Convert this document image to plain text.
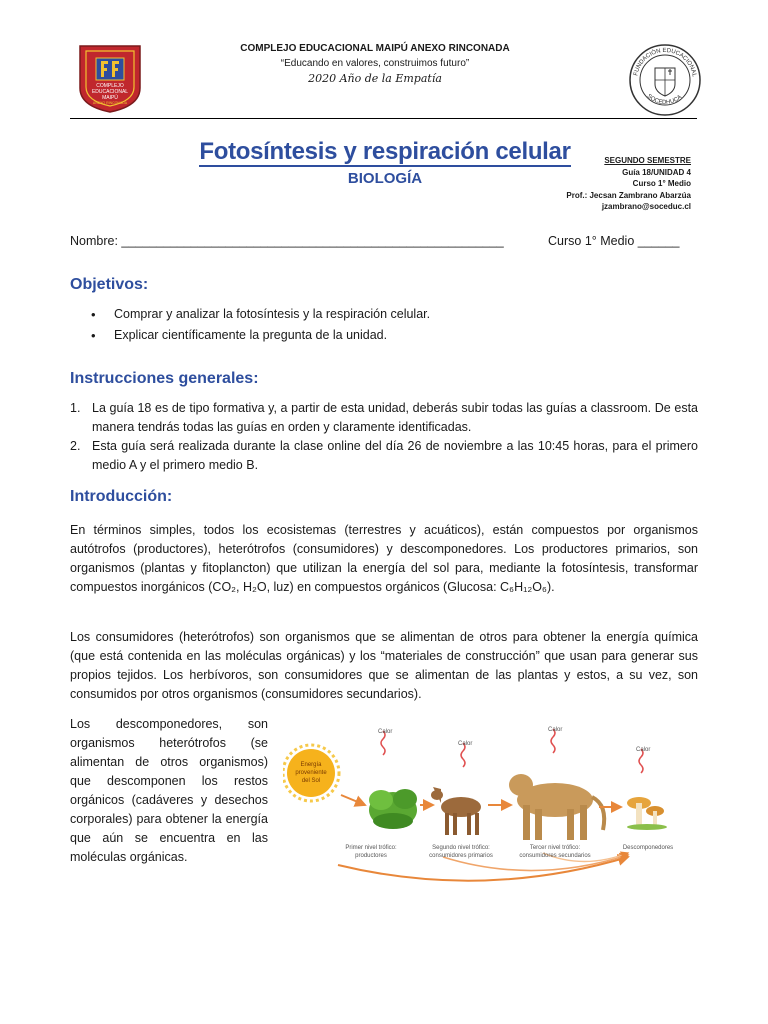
COMPLEJO
EDUCACIONAL
MAIPÚ
ANEXO RINCONADA
FUNDACIÓN EDUCACIONAL
SOCEDHUCA
COMPLEJO EDUCACIONAL MAIPÚ ANEXO RINCONADA
“Educando en valores, construimos futuro”
2020 Año de la Empatía
Fotosíntesis y respiración celular
BIOLOGÍA
SEGUNDO SEMESTRE
Guía 18/UNIDAD 4
Curso 1° Medio
Prof.: Jecsan Zambrano Abarzúa
jzambrano@soceduc.cl
Nombre: _______________________________________________________	Curso 1° Medio ______
Objetivos:
• Comprar y analizar la fotosíntesis y la respiración celular.
• Explicar científicamente la pregunta de la unidad.
Instrucciones generales:
1. La guía 18 es de tipo formativa y, a partir de esta unidad, deberás subir todas las guías a classroom. De esta manera tendrás todas las guías en orden y claramente identificadas.
2. Esta guía será realizada durante la clase online del día 26 de noviembre a las 10:45 horas, para el primero medio A y el primero medio B.
Introducción:
En términos simples, todos los ecosistemas (terrestres y acuáticos), están compuestos por organismos autótrofos (productores), heterótrofos (consumidores) y descomponedores. Los productores primarios, son organismos (plantas y fitoplancton) que utilizan la energía del sol para, mediante la fotosíntesis, transformar compuestos inorgánicos (CO₂, H₂O, luz) en compuestos orgánicos (Glucosa: C₆H₁₂O₆).
Los consumidores (heterótrofos) son organismos que se alimentan de otros para obtener la energía química (que está contenida en las moléculas orgánicas) y los “materiales de construcción” que usan para generar sus propios tejidos. Los herbívoros, son consumidores que se alimentan de las plantas y estos, a su vez, son consumidos por otros organismos (consumidores secundarios).
Los descomponedores, son organismos heterótrofos (se alimentan de otros organismos) que descomponen los restos orgánicos (cadáveres y desechos corporales) para obtener la energía que aún se encuentra en las moléculas orgánicas.
Energía
proveniente
del Sol
Calor
Calor
Calor
Calor
Primer nivel trófico:
productores
Segundo nivel trófico:
consumidores primarios
Tercer nivel trófico:
consumidores secundarios
Descomponedores
